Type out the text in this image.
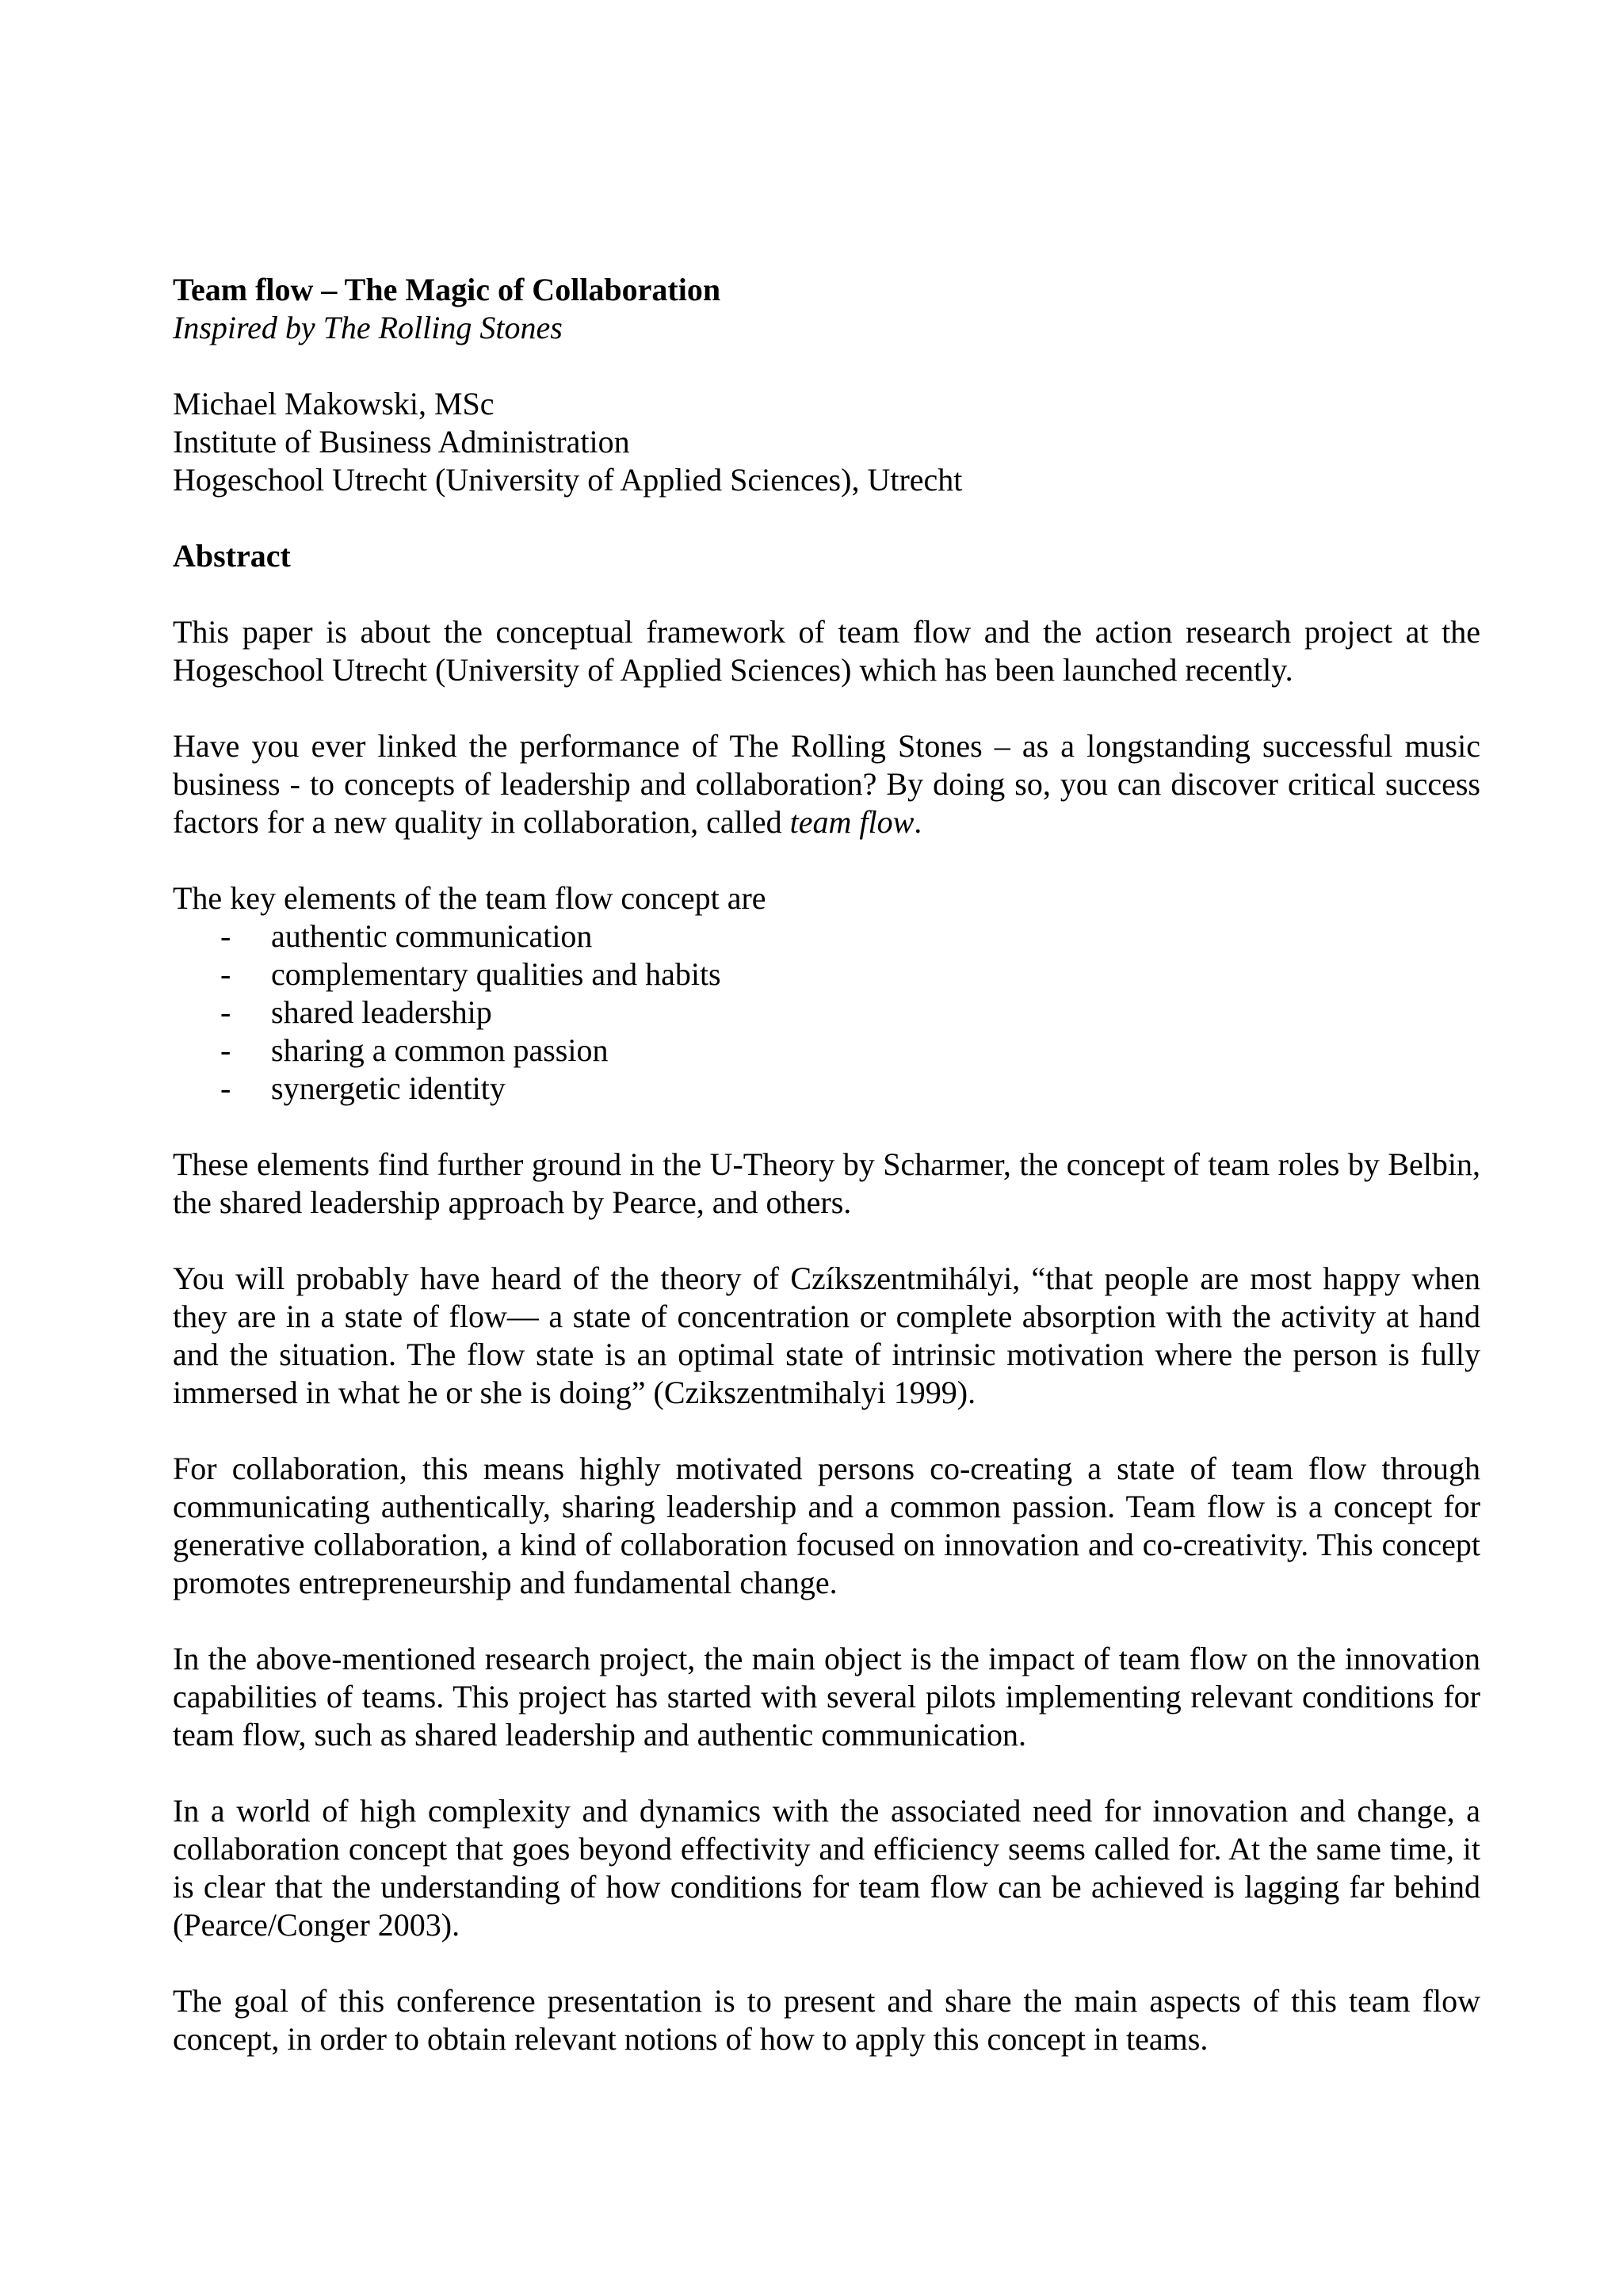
Team flow – The Magic of Collaboration

Inspired by The Rolling Stones

Michael Makowski, MSc

Institute of Business Administration

Hogeschool Utrecht (University of Applied Sciences), Utrecht

Abstract

This paper is about the conceptual framework of team flow and the action research project at the Hogeschool Utrecht (University of Applied Sciences) which has been launched recently.

Have you ever linked the performance of The Rolling Stones – as a longstanding successful music business - to concepts of leadership and collaboration? By doing so, you can discover critical success factors for a new quality in collaboration, called team flow.

The key elements of the team flow concept are

- authentic communication
- complementary qualities and habits
- shared leadership
- sharing a common passion
- synergetic identity

These elements find further ground in the U-Theory by Scharmer, the concept of team roles by Belbin, the shared leadership approach by Pearce, and others.

You will probably have heard of the theory of Czíkszentmihályi, “that people are most happy when they are in a state of flow— a state of concentration or complete absorption with the activity at hand and the situation. The flow state is an optimal state of intrinsic motivation where the person is fully immersed in what he or she is doing” (Czikszentmihalyi 1999).

For collaboration, this means highly motivated persons co-creating a state of team flow through communicating authentically, sharing leadership and a common passion. Team flow is a concept for generative collaboration, a kind of collaboration focused on innovation and co-creativity. This concept promotes entrepreneurship and fundamental change.

In the above-mentioned research project, the main object is the impact of team flow on the innovation capabilities of teams. This project has started with several pilots implementing relevant conditions for team flow, such as shared leadership and authentic communication.

In a world of high complexity and dynamics with the associated need for innovation and change, a collaboration concept that goes beyond effectivity and efficiency seems called for. At the same time, it is clear that the understanding of how conditions for team flow can be achieved is lagging far behind (Pearce/Conger 2003).

The goal of this conference presentation is to present and share the main aspects of this team flow concept, in order to obtain relevant notions of how to apply this concept in teams.
